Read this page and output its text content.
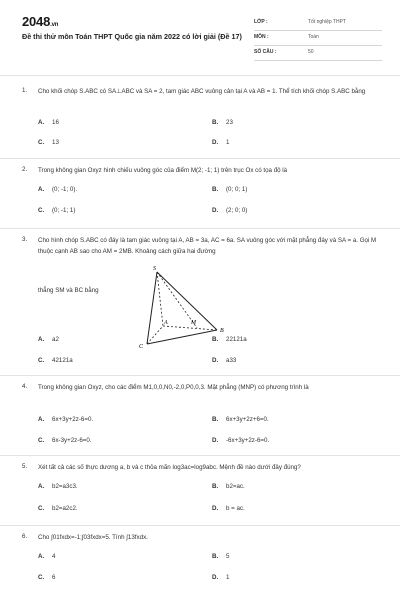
2048.vn
Đề thi thử môn Toán THPT Quốc gia năm 2022 có lời giải (Đề 17)
LỚP :	Tốt nghiệp THPT
MÔN :	Toán
SỐ CÂU :	50
1. Cho khối chóp S.ABC có SA⊥ABC và SA = 2, tam giác ABC vuông cân tại A và AB = 1. Thể tích khối chóp S.ABC bằng
A. 16	B. 23
C. 13	D. 1
2. Trong không gian Oxyz hình chiếu vuông góc của điểm M(2; -1; 1) trên trục Ox có tọa độ là
A. (0; -1; 0).	B. (0; 0; 1)
C. (0; -1; 1)	D. (2; 0; 0)
3. Cho hình chóp S.ABC có đáy là tam giác vuông tại A, AB = 3a, AC = 6a. SA vuông góc với mặt phẳng đáy và SA = a. Gọi M thuộc cạnh AB sao cho AM = 2MB. Khoảng cách giữa hai đường
thẳng SM và BC bằng
S
M
A
B
C
A. a2	B. 22121a
C. 42121a	D. a33
4. Trong không gian Oxyz, cho các điểm M1,0,0,N0,-2,0,P0,0,3. Mặt phẳng (MNP) có phương trình là
A. 6x+3y+2z-6=0.	B. 6x+3y+2z+6=0.
C. 6x-3y+2z-6=0.	D. -6x+3y+2z-6=0.
5. Xét tất cả các số thực dương a, b và c thỏa mãn log3ac=log9abc. Mệnh đề nào dưới đây đúng?
A. b2=a3c3.	B. b2=ac.
C. b2=a2c2.	D. b = ac.
6. Cho ∫01fxdx=-1;∫03fxdx=5. Tính ∫13fxdx.
A. 4	B. 5
C. 6	D. 1
